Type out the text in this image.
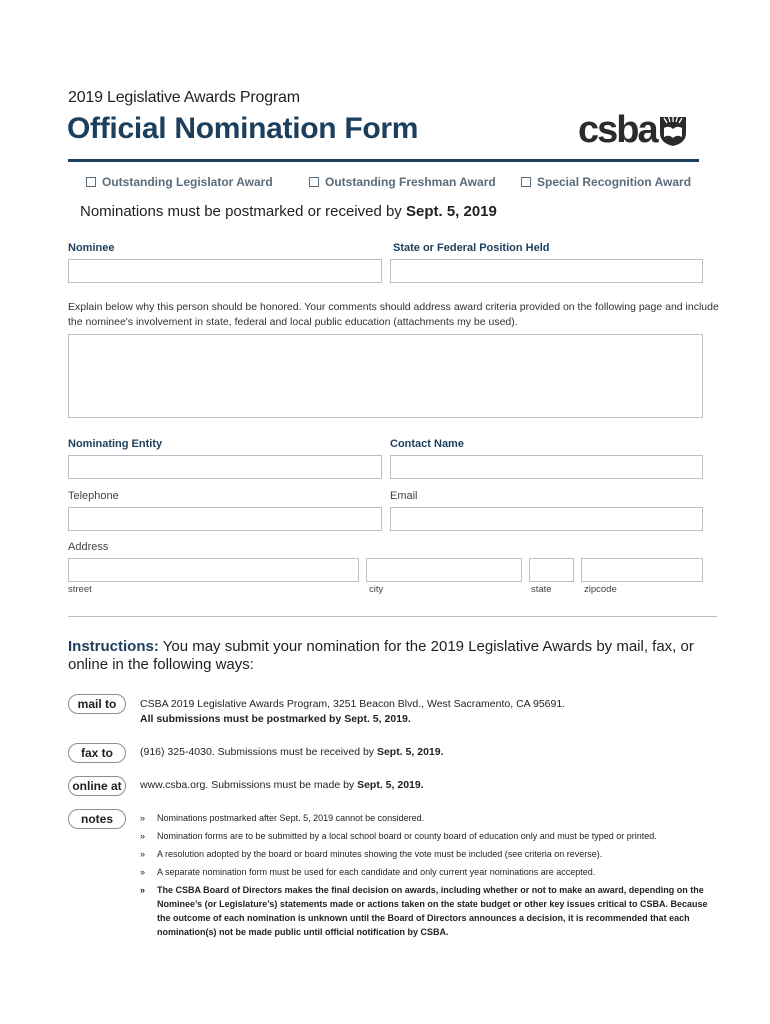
2019 Legislative Awards Program
Official Nomination Form	csba
Outstanding Legislator Award	Outstanding Freshman Award	Special Recognition Award
Nominations must be postmarked or received by Sept. 5, 2019
Nominee	State or Federal Position Held
Explain below why this person should be honored. Your comments should address award criteria provided on the following page and include the nominee's involvement in state, federal and local public education (attachments my be used).
Nominating Entity	Contact Name
Telephone	Email
Address
street	city	state	zipcode
Instructions: You may submit your nomination for the 2019 Legislative Awards by mail, fax, or online in the following ways:
mail to	CSBA 2019 Legislative Awards Program, 3251 Beacon Blvd., West Sacramento, CA 95691.
All submissions must be postmarked by Sept. 5, 2019.
fax to	(916) 325-4030. Submissions must be received by Sept. 5, 2019.
online at	www.csba.org. Submissions must be made by Sept. 5, 2019.
notes	»	Nominations postmarked after Sept. 5, 2019 cannot be considered.
»	Nomination forms are to be submitted by a local school board or county board of education only and must be typed or printed.
»	A resolution adopted by the board or board minutes showing the vote must be included (see criteria on reverse).
»	A separate nomination form must be used for each candidate and only current year nominations are accepted.
»	The CSBA Board of Directors makes the final decision on awards, including whether or not to make an award, depending on the Nominee’s (or Legislature’s) statements made or actions taken on the state budget or other key issues critical to CSBA. Because the outcome of each nomination is unknown until the Board of Directors announces a decision, it is recommended that each nomination(s) not be made public until official notification by CSBA.
